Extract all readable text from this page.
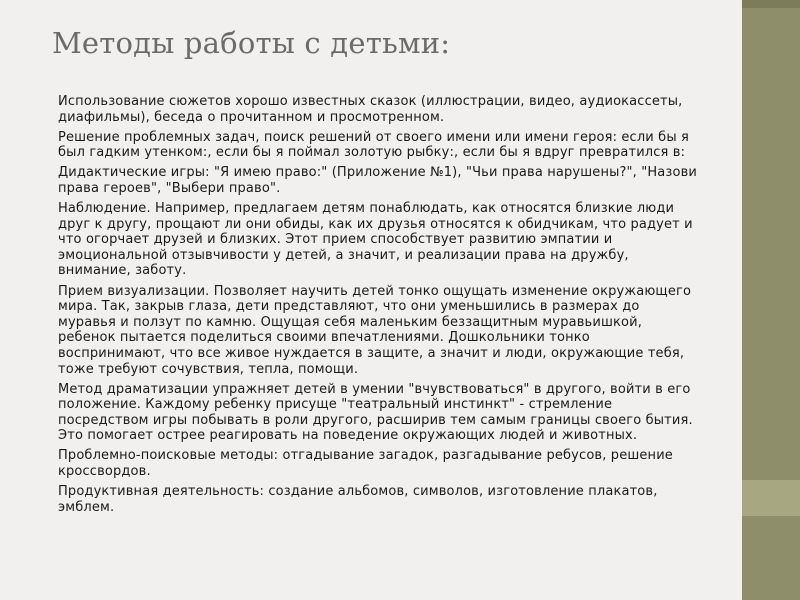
Методы работы с детьми:
Использование сюжетов хорошо известных сказок (иллюстрации, видео, аудиокассеты, диафильмы), беседа о прочитанном и просмотренном.
Решение проблемных задач, поиск решений от своего имени или имени героя: если бы я был гадким утенком:, если бы я поймал золотую рыбку:, если бы я вдруг превратился в:
Дидактические игры: "Я имею право:" (Приложение №1), "Чьи права нарушены?", "Назови права героев", "Выбери право".
Наблюдение. Например, предлагаем детям понаблюдать, как относятся близкие люди друг к другу, прощают ли они обиды, как их друзья относятся к обидчикам, что радует и что огорчает друзей и близких. Этот прием способствует развитию эмпатии и эмоциональной отзывчивости у детей, а значит, и реализации права на дружбу, внимание, заботу.
Прием визуализации. Позволяет научить детей тонко ощущать изменение окружающего мира. Так, закрыв глаза, дети представляют, что они уменьшились в размерах до муравья и ползут по камню. Ощущая себя маленьким беззащитным муравьишкой, ребенок пытается поделиться своими впечатлениями. Дошкольники тонко воспринимают, что все живое нуждается в защите, а значит и люди, окружающие тебя, тоже требуют сочувствия, тепла, помощи.
Метод драматизации упражняет детей в умении "вчувствоваться" в другого, войти в его положение. Каждому ребенку присуще "театральный инстинкт" - стремление посредством игры побывать в роли другого, расширив тем самым границы своего бытия. Это помогает острее реагировать на поведение окружающих людей и животных.
Проблемно-поисковые методы: отгадывание загадок, разгадывание ребусов, решение кроссвордов.
Продуктивная деятельность: создание альбомов, символов, изготовление плакатов, эмблем.
